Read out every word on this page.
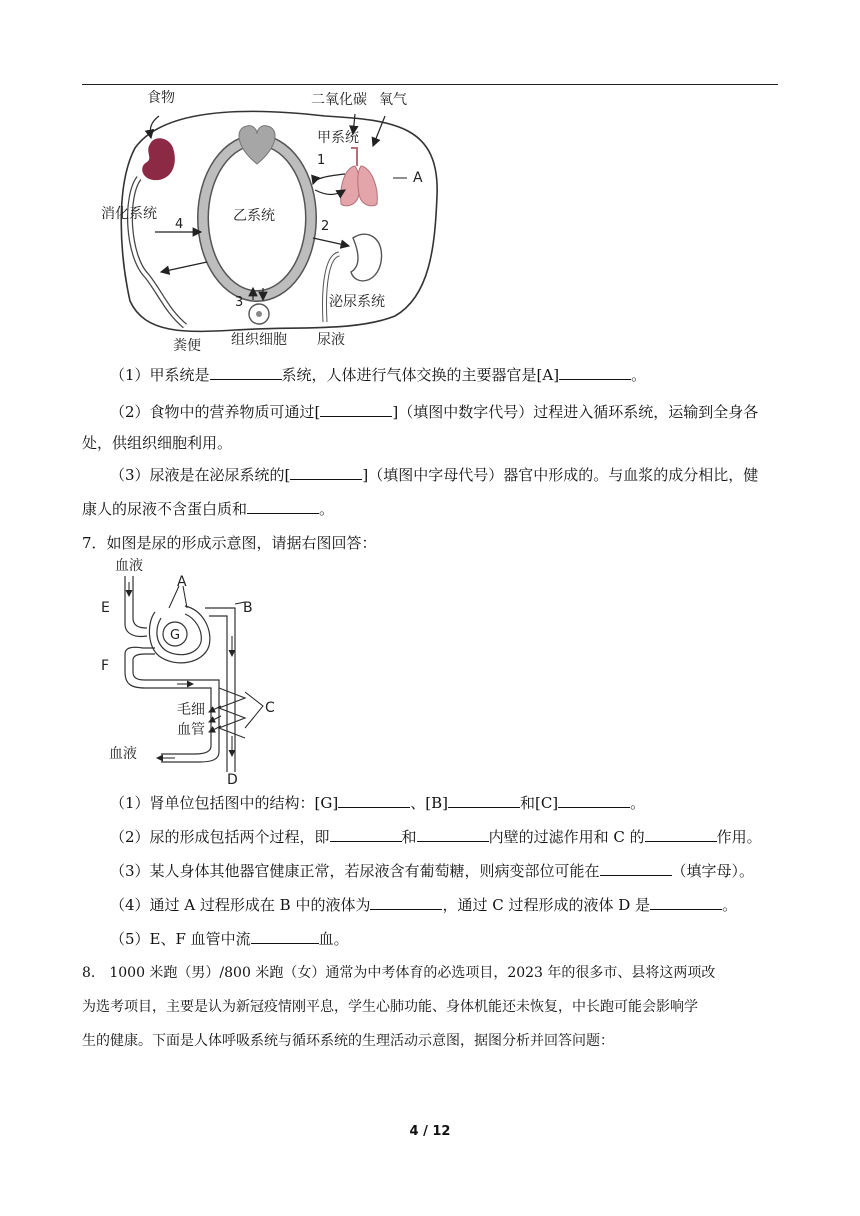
食物	二氧化碳 氧气
甲系统
1
A
消化系统
4
乙系统
2
3	泌尿系统
粪便 组织细胞 尿液
（1）甲系统是	系统，人体进行气体交换的主要器官是[A]	。
（2）食物中的营养物质可通过[	]（填图中数字代号）过程进入循环系统，运输到全身各
处，供组织细胞利用。
（3）尿液是在泌尿系统的[	]（填图中字母代号）器官中形成的。与血浆的成分相比，健
康人的尿液不含蛋白质和	。
7．如图是尿的形成示意图，请据右图回答：
血液
A
B
E
G
F
C
毛细
血管
血液
D
（1）肾单位包括图中的结构：[G]	、[B]	和[C]	。
（2）尿的形成包括两个过程，即	和	内壁的过滤作用和 C 的	作用。
（3）某人身体其他器官健康正常，若尿液含有葡萄糖，则病变部位可能在	（填字母）。
（4）通过 A 过程形成在 B 中的液体为	，通过 C 过程形成的液体 D 是	。
（5）E、F 血管中流	血。
8． 1000 米跑（男）/800 米跑（女）通常为中考体育的必选项目，2023 年的很多市、县将这两项改
为选考项目，主要是认为新冠疫情刚平息，学生心肺功能、身体机能还未恢复，中长跑可能会影响学
生的健康。下面是人体呼吸系统与循环系统的生理活动示意图，据图分析并回答问题：
4 / 12
